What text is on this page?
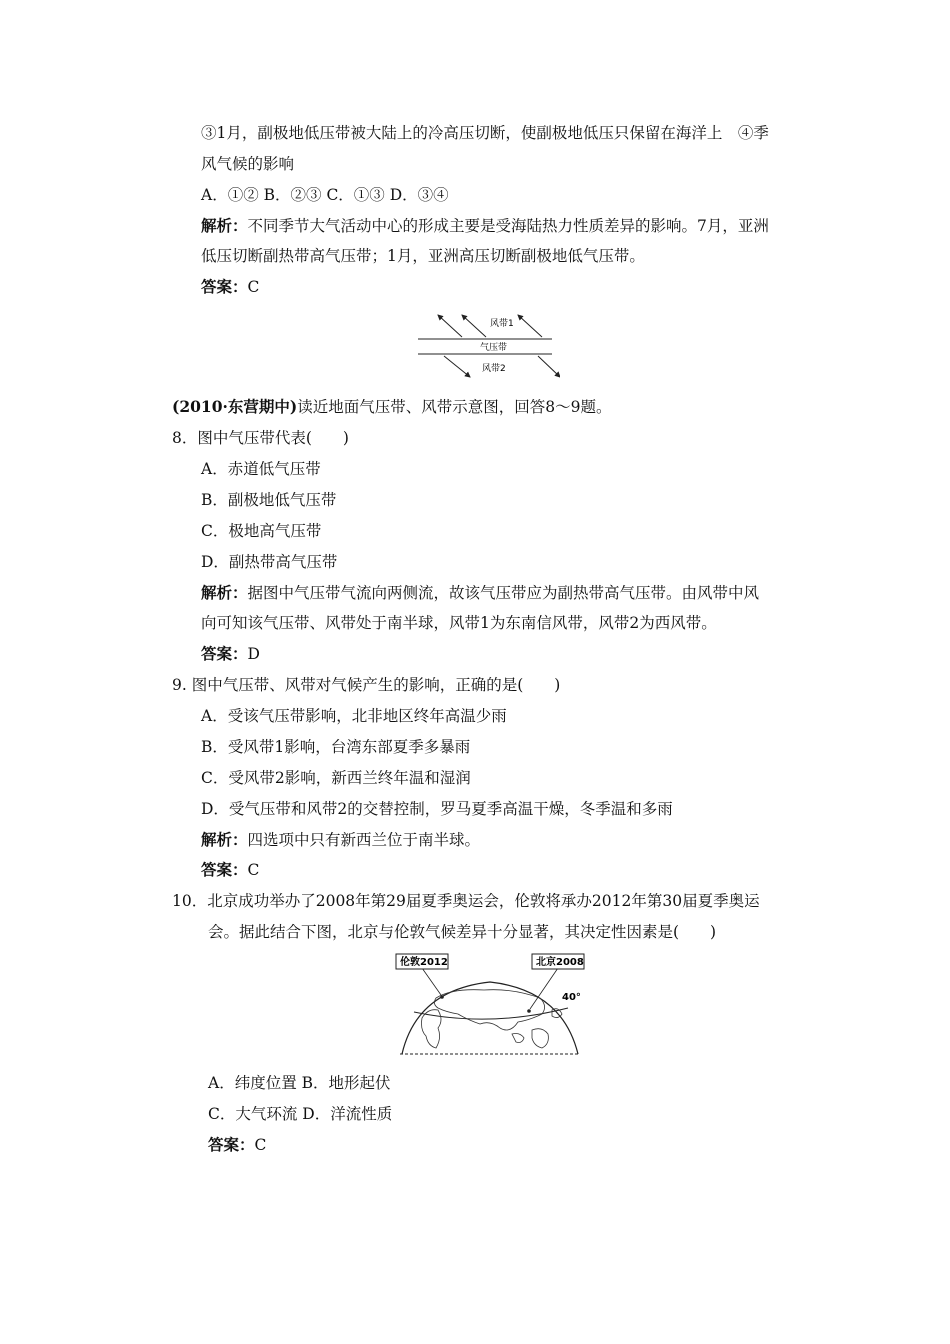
③1月，副极地低压带被大陆上的冷高压切断，使副极地低压只保留在海洋上　④季
风气候的影响
A．①② B．②③ C．①③ D．③④
解析：不同季节大气活动中心的形成主要是受海陆热力性质差异的影响。7月，亚洲
低压切断副热带高气压带；1月，亚洲高压切断副极地低气压带。
答案：C
风带1
气压带
风带2
(2010·东营期中)读近地面气压带、风带示意图，回答8～9题。
8．图中气压带代表(　　)
A．赤道低气压带
B．副极地低气压带
C．极地高气压带
D．副热带高气压带
解析：据图中气压带气流向两侧流，故该气压带应为副热带高气压带。由风带中风
向可知该气压带、风带处于南半球，风带1为东南信风带，风带2为西风带。
答案：D
9. 图中气压带、风带对气候产生的影响，正确的是(　　)
A．受该气压带影响，北非地区终年高温少雨
B．受风带1影响，台湾东部夏季多暴雨
C．受风带2影响，新西兰终年温和湿润
D．受气压带和风带2的交替控制，罗马夏季高温干燥，冬季温和多雨
解析：四选项中只有新西兰位于南半球。
答案：C
10．北京成功举办了2008年第29届夏季奥运会，伦敦将承办2012年第30届夏季奥运
会。据此结合下图，北京与伦敦气候差异十分显著，其决定性因素是(　　)
伦敦2012	北京2008
40°
A．纬度位置 B．地形起伏
C．大气环流 D．洋流性质
答案：C
